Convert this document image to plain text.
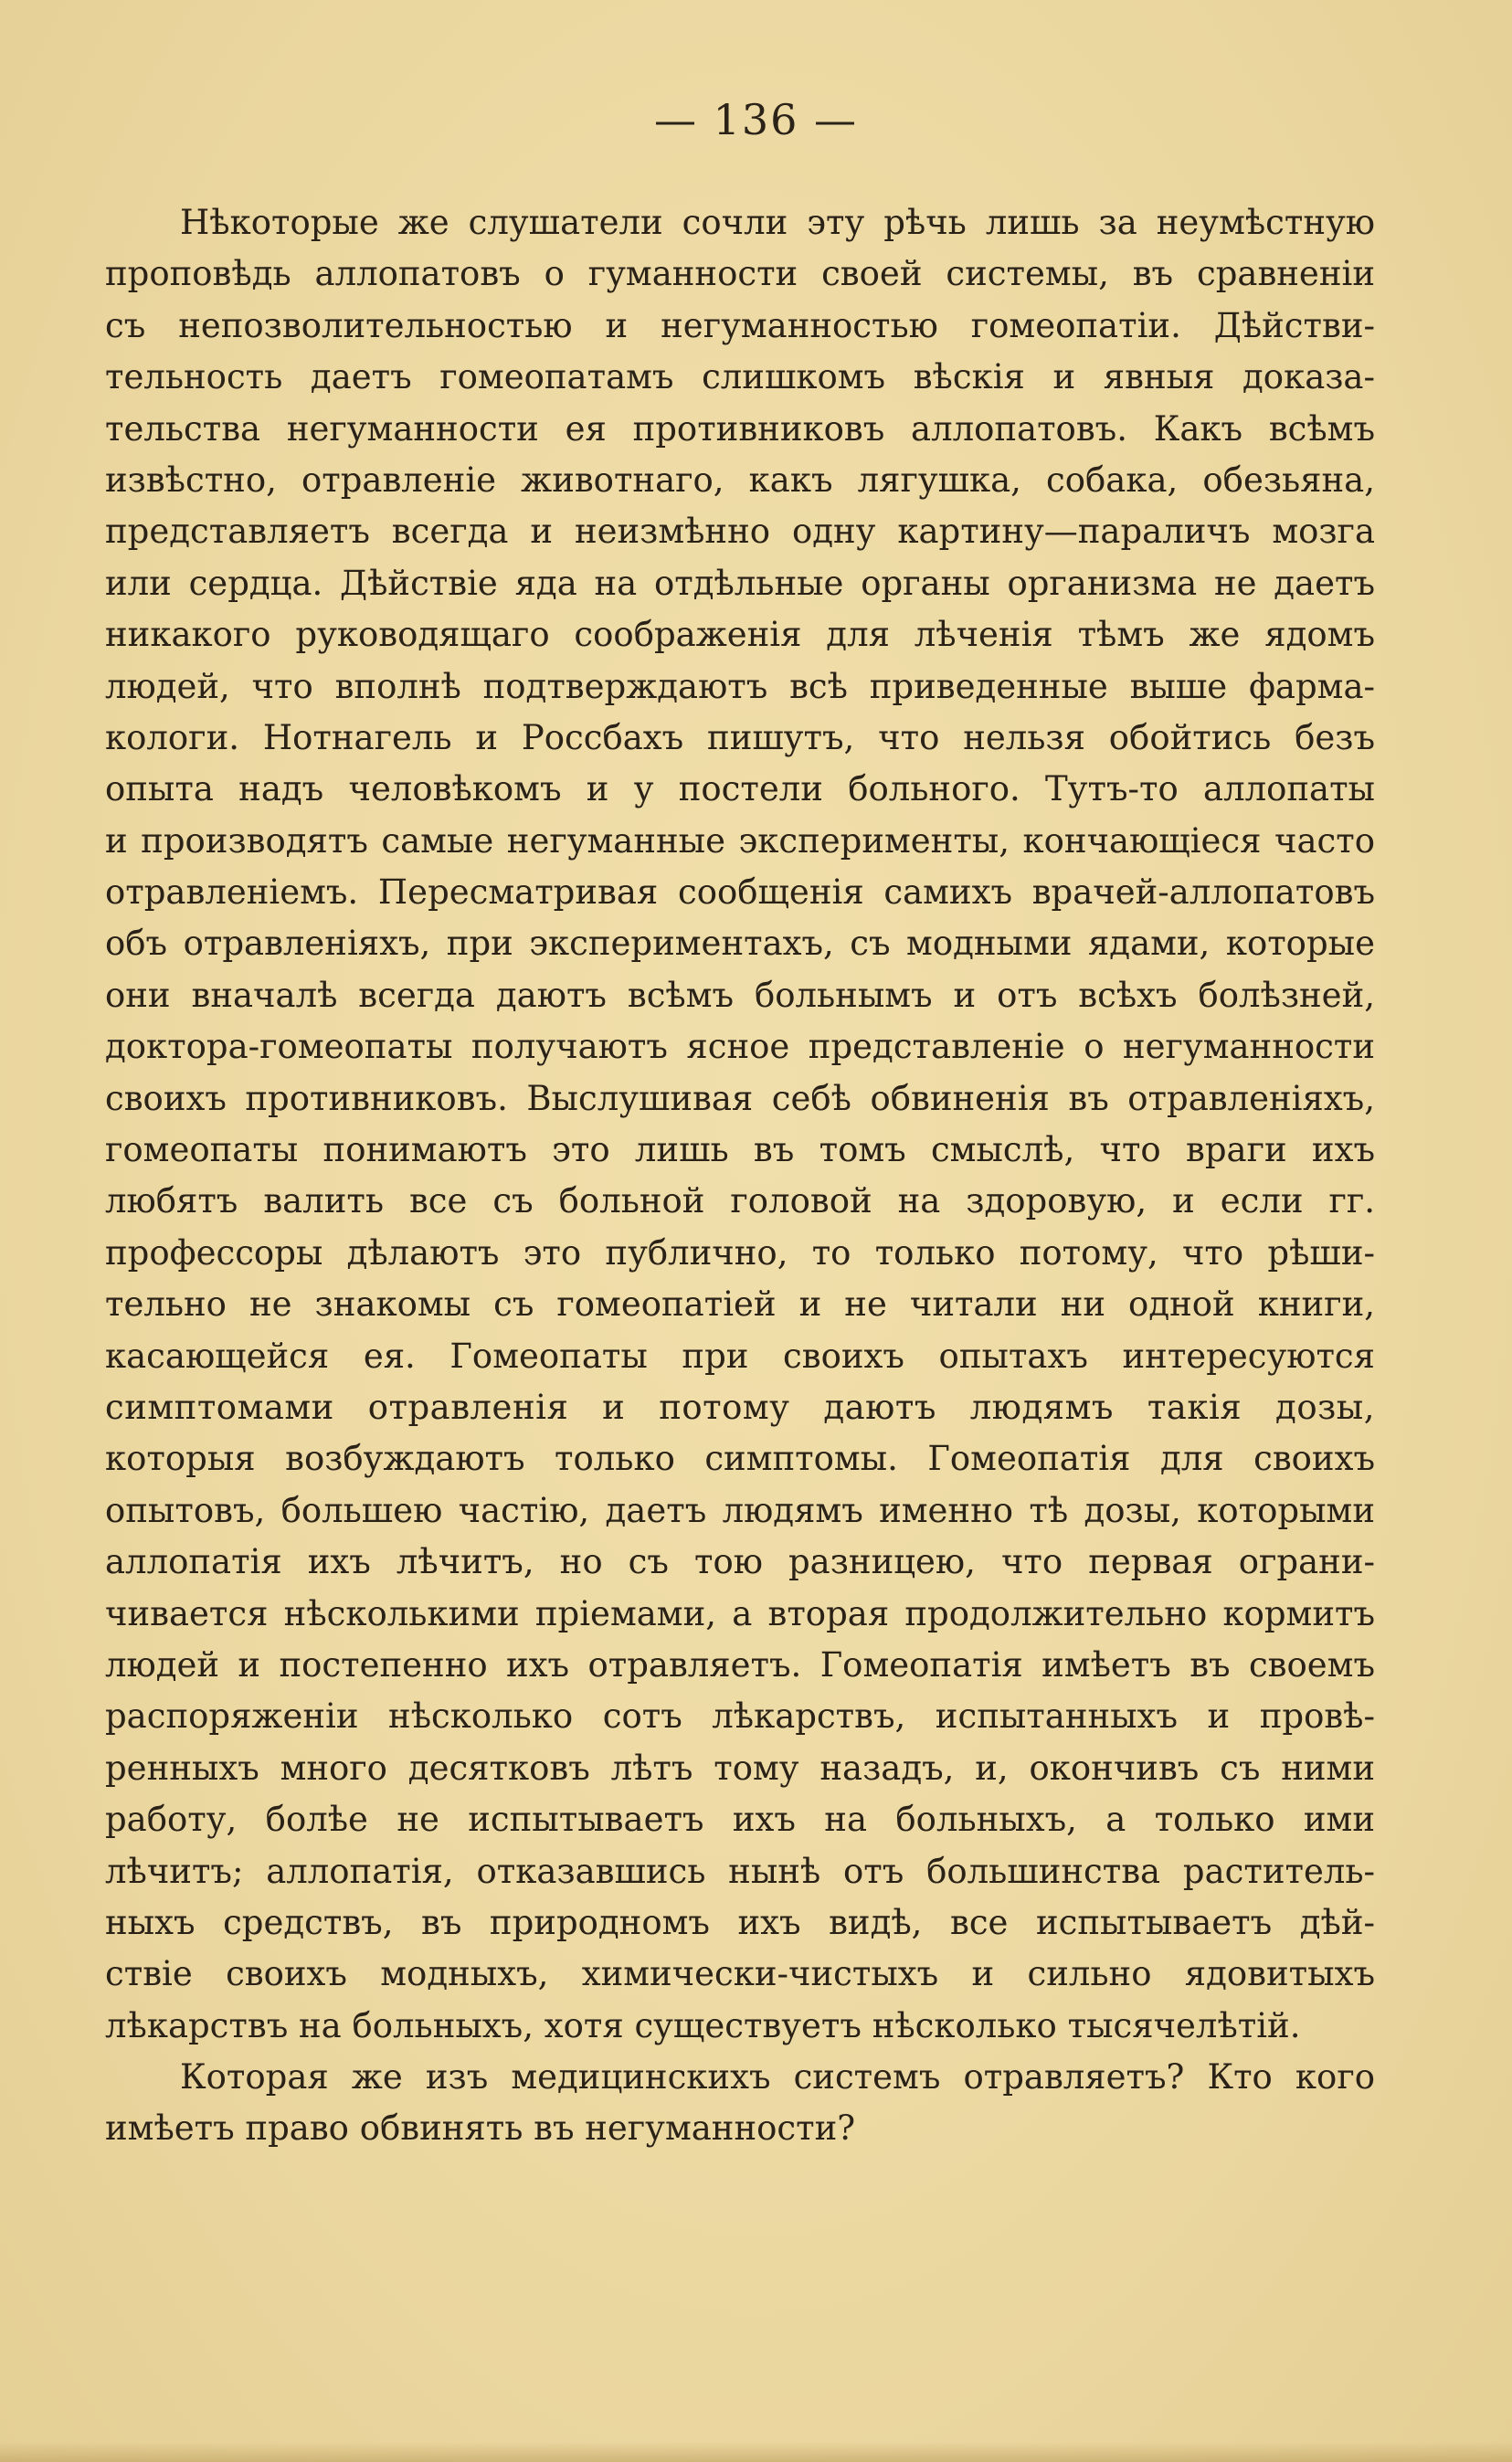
— 136 —
Нѣкоторые же слушатели сочли эту рѣчь лишь за неумѣстную
проповѣдь аллопатовъ о гуманности своей системы, въ сравненіи
съ непозволительностью и негуманностью гомеопатіи. Дѣйстви-
тельность даетъ гомеопатамъ слишкомъ вѣскія и явныя доказа-
тельства негуманности ея противниковъ аллопатовъ. Какъ всѣмъ
извѣстно, отравленіе животнаго, какъ лягушка, собака, обезьяна,
представляетъ всегда и неизмѣнно одну картину—параличъ мозга
или сердца. Дѣйствіе яда на отдѣльные органы организма не даетъ
никакого руководящаго соображенія для лѣченія тѣмъ же ядомъ
людей, что вполнѣ подтверждаютъ всѣ приведенные выше фарма-
кологи. Нотнагель и Россбахъ пишутъ, что нельзя обойтись безъ
опыта надъ человѣкомъ и у постели больного. Тутъ-то аллопаты
и производятъ самые негуманные эксперименты, кончающіеся часто
отравленіемъ. Пересматривая сообщенія самихъ врачей-аллопатовъ
объ отравленіяхъ, при экспериментахъ, съ модными ядами, которые
они вначалѣ всегда даютъ всѣмъ больнымъ и отъ всѣхъ болѣзней,
доктора-гомеопаты получаютъ ясное представленіе о негуманности
своихъ противниковъ. Выслушивая себѣ обвиненія въ отравленіяхъ,
гомеопаты понимаютъ это лишь въ томъ смыслѣ, что враги ихъ
любятъ валить все съ больной головой на здоровую, и если гг.
профессоры дѣлаютъ это публично, то только потому, что рѣши-
тельно не знакомы съ гомеопатіей и не читали ни одной книги,
касающейся ея. Гомеопаты при своихъ опытахъ интересуются
симптомами отравленія и потому даютъ людямъ такія дозы,
которыя возбуждаютъ только симптомы. Гомеопатія для своихъ
опытовъ, большею частію, даетъ людямъ именно тѣ дозы, которыми
аллопатія ихъ лѣчитъ, но съ тою разницею, что первая ограни-
чивается нѣсколькими пріемами, а вторая продолжительно кормитъ
людей и постепенно ихъ отравляетъ. Гомеопатія имѣетъ въ своемъ
распоряженіи нѣсколько сотъ лѣкарствъ, испытанныхъ и провѣ-
ренныхъ много десятковъ лѣтъ тому назадъ, и, окончивъ съ ними
работу, болѣе не испытываетъ ихъ на больныхъ, а только ими
лѣчитъ; аллопатія, отказавшись нынѣ отъ большинства раститель-
ныхъ средствъ, въ природномъ ихъ видѣ, все испытываетъ дѣй-
ствіе своихъ модныхъ, химически-чистыхъ и сильно ядовитыхъ
лѣкарствъ на больныхъ, хотя существуетъ нѣсколько тысячелѣтій.
Которая же изъ медицинскихъ системъ отравляетъ? Кто кого
имѣетъ право обвинять въ негуманности?
